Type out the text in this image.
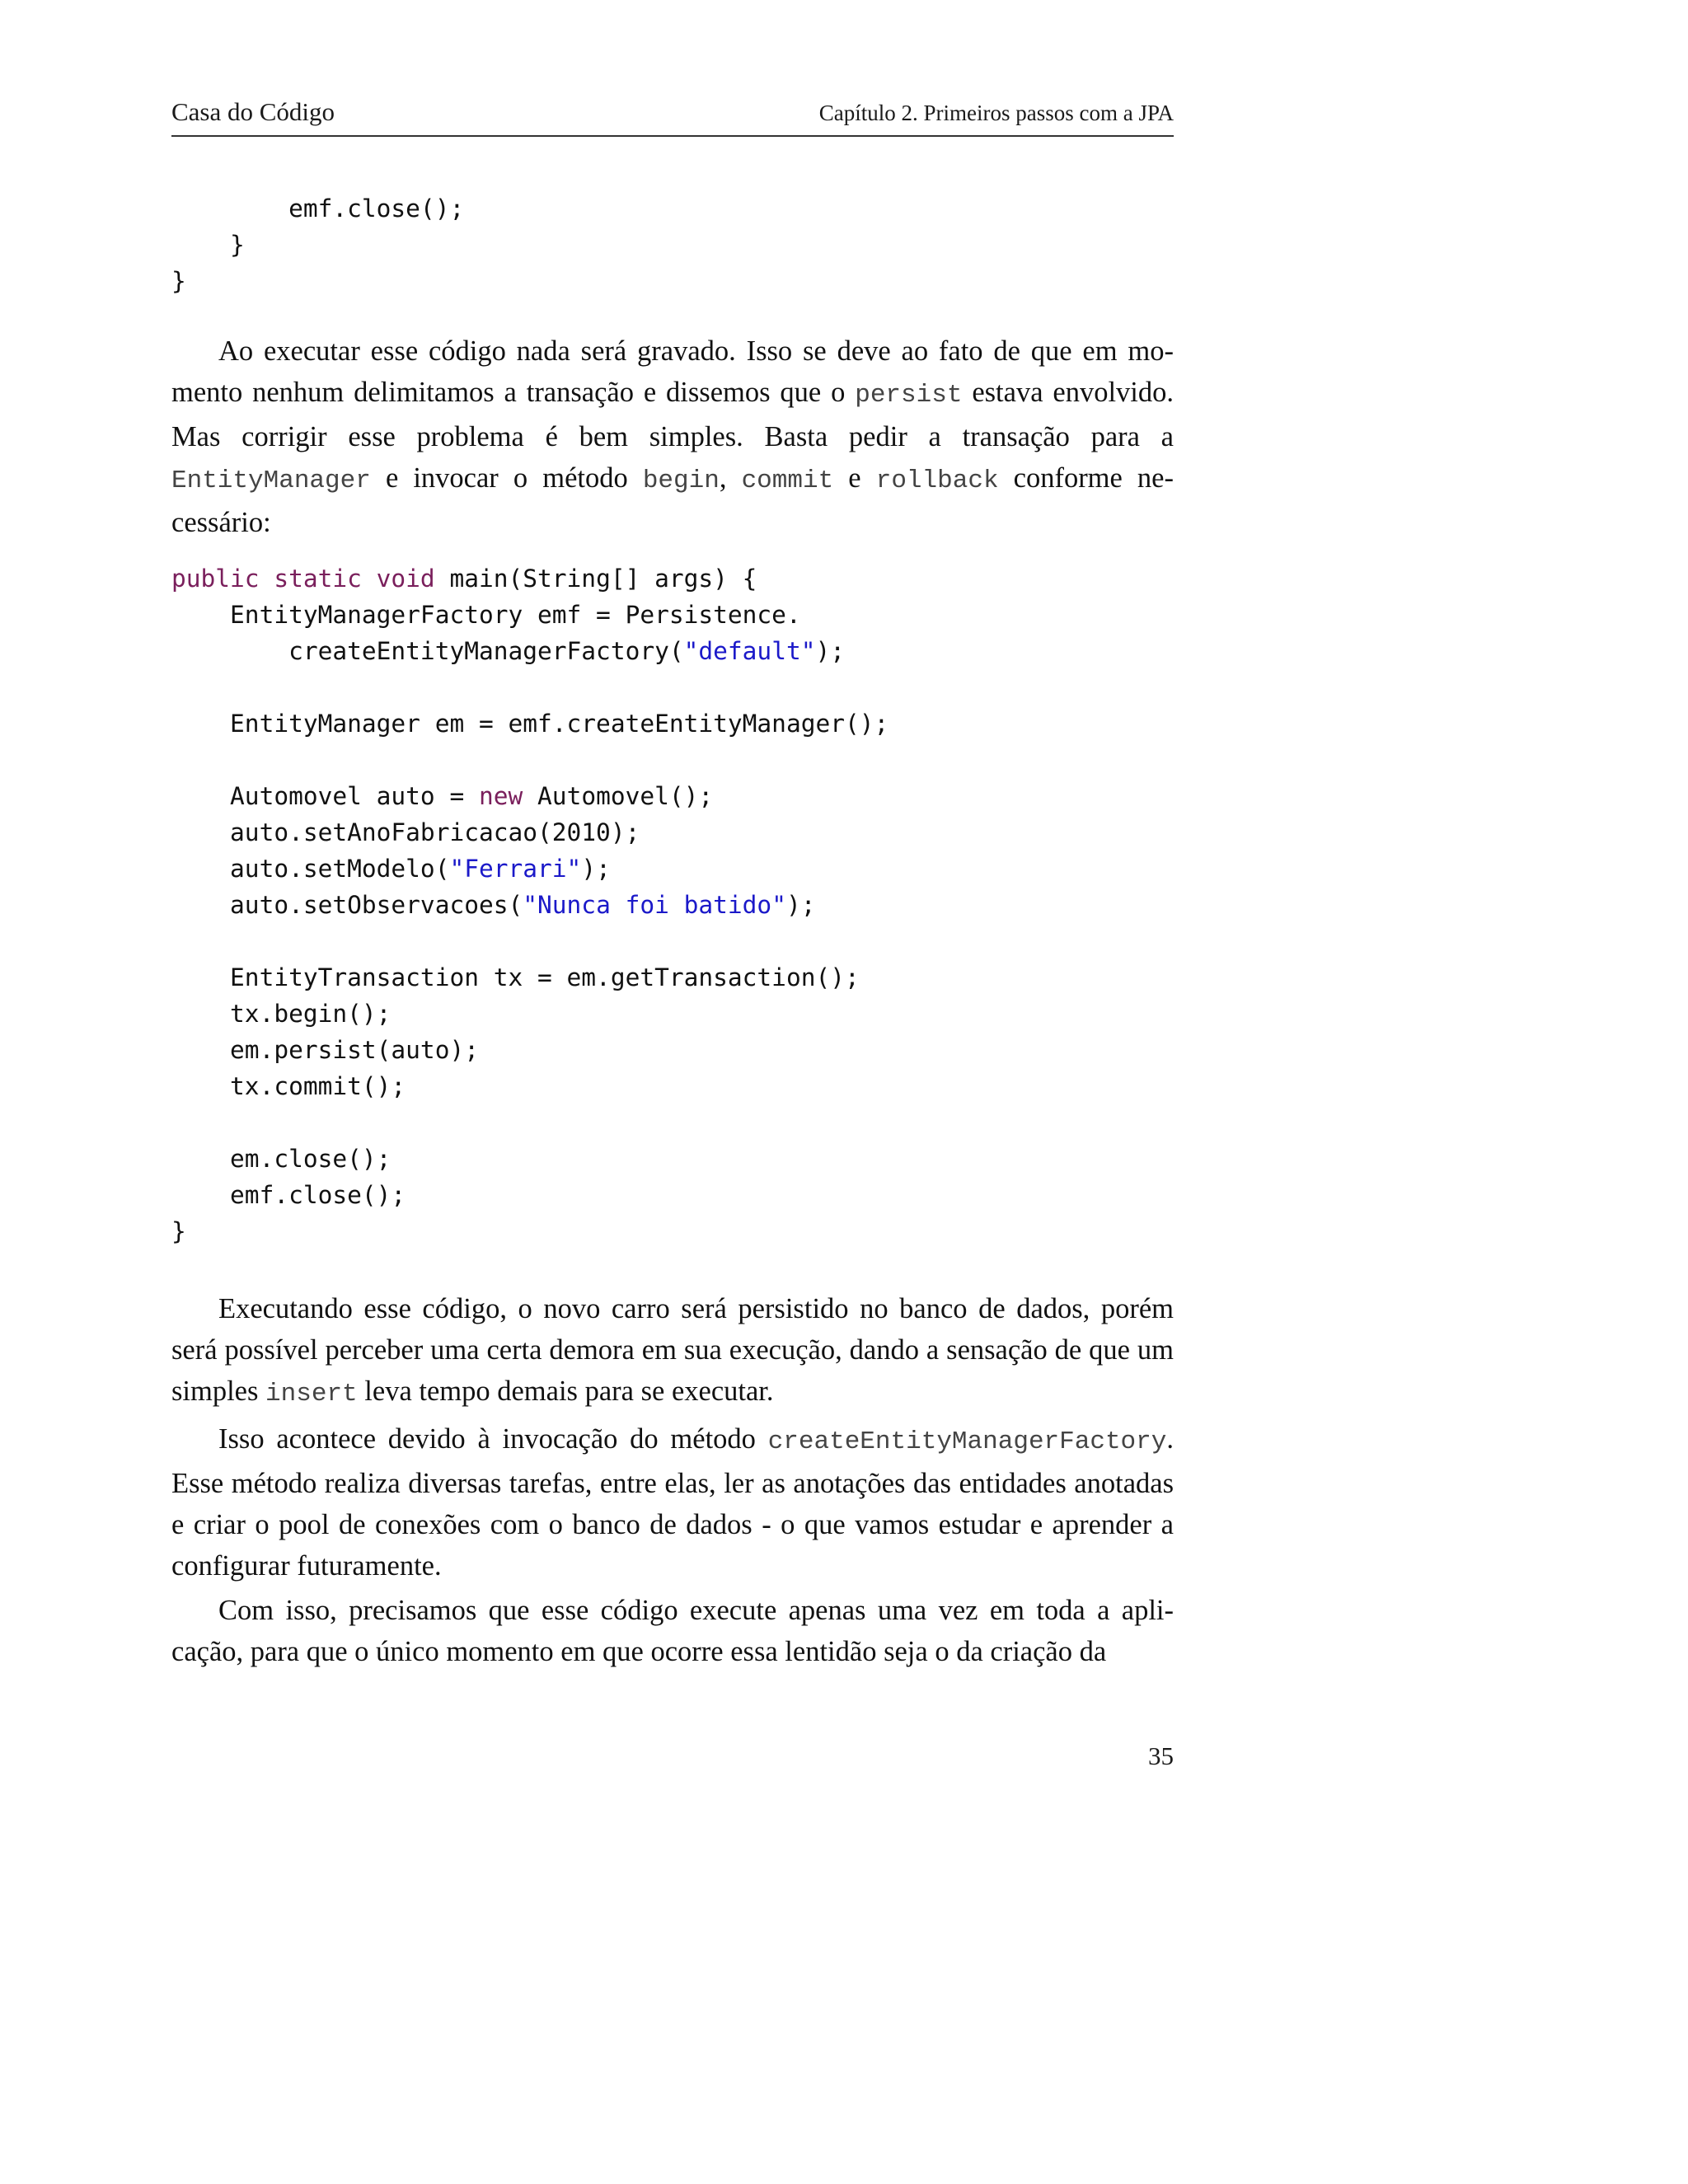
Casa do Código	Capítulo 2. Primeiros passos com a JPA
emf.close();
}
}

Ao executar esse código nada será gravado. Isso se deve ao fato de que em momento nenhum delimitamos a transação e dissemos que o persist estava envolvido. Mas corrigir esse problema é bem simples. Basta pedir a transação para a EntityManager e invocar o método begin, commit e rollback conforme necessário:

public static void main(String[] args) {
EntityManagerFactory emf = Persistence.
createEntityManagerFactory("default");
EntityManager em = emf.createEntityManager();
Automovel auto = new Automovel();
auto.setAnoFabricacao(2010);
auto.setModelo("Ferrari");
auto.setObservacoes("Nunca foi batido");
EntityTransaction tx = em.getTransaction();
tx.begin();
em.persist(auto);
tx.commit();
em.close();
emf.close();
}

Executando esse código, o novo carro será persistido no banco de dados, porém será possível perceber uma certa demora em sua execução, dando a sensação de que um simples insert leva tempo demais para se executar.

Isso acontece devido à invocação do método createEntityManagerFactory. Esse método realiza diversas tarefas, entre elas, ler as anotações das entidades anotadas e criar o pool de conexões com o banco de dados - o que vamos estudar e aprender a configurar futuramente.

Com isso, precisamos que esse código execute apenas uma vez em toda a aplicação, para que o único momento em que ocorre essa lentidão seja o da criação da

35
